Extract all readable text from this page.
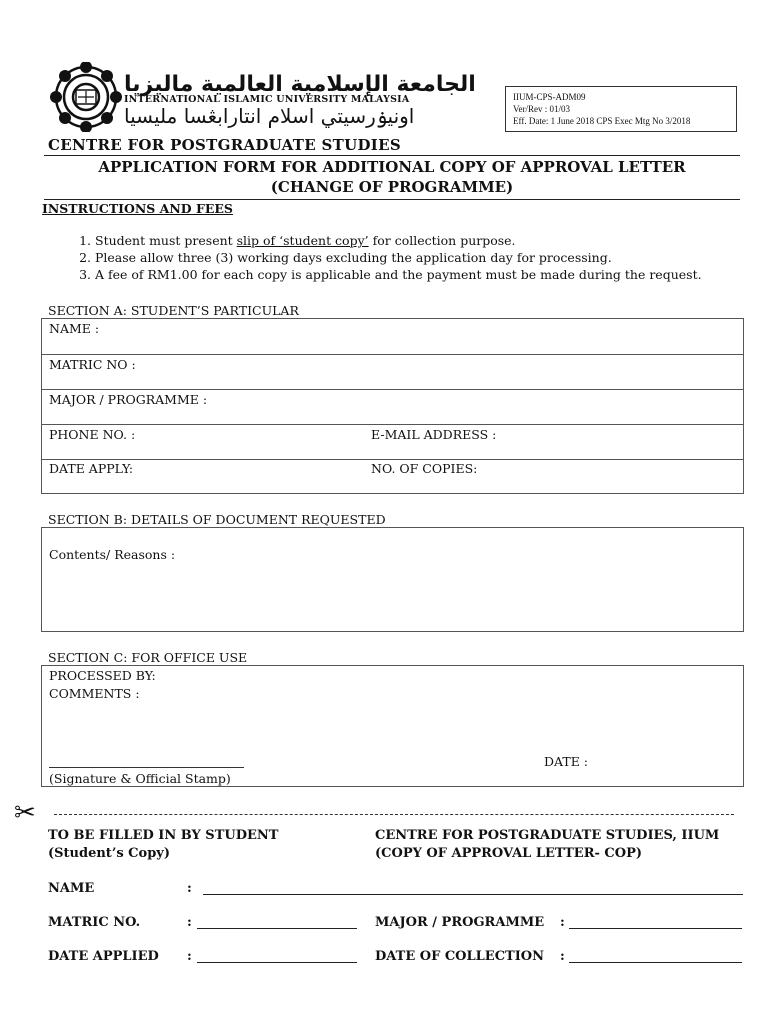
الجامعة الإسلامية العالمية ماليزيا
INTERNATIONAL ISLAMIC UNIVERSITY MALAYSIA
اونيۏرسيتي اسلام انتارابڠسا مليسيا
IIUM-CPS-ADM09
Ver/Rev : 01/03
Eff. Date: 1 June 2018 CPS Exec Mtg No 3/2018
CENTRE FOR POSTGRADUATE STUDIES
APPLICATION FORM FOR ADDITIONAL COPY OF APPROVAL LETTER
(CHANGE OF PROGRAMME)
INSTRUCTIONS AND FEES
1. Student must present slip of ‘student copy’ for collection purpose.
2. Please allow three (3) working days excluding the application day for processing.
3. A fee of RM1.00 for each copy is applicable and the payment must be made during the request.
SECTION A: STUDENT’S PARTICULAR
NAME :
MATRIC NO :
MAJOR / PROGRAMME :
PHONE NO. :	E-MAIL ADDRESS :
DATE APPLY:	NO. OF COPIES:
SECTION B: DETAILS OF DOCUMENT REQUESTED
Contents/ Reasons :
SECTION C: FOR OFFICE USE
PROCESSED BY:
COMMENTS :
DATE :
(Signature & Official Stamp)
✂
TO BE FILLED IN BY STUDENT
(Student’s Copy)
CENTRE FOR POSTGRADUATE STUDIES, IIUM
(COPY OF APPROVAL LETTER- COP)
NAME	:
MATRIC NO.	:	MAJOR / PROGRAMME :
DATE APPLIED :	DATE OF COLLECTION :
